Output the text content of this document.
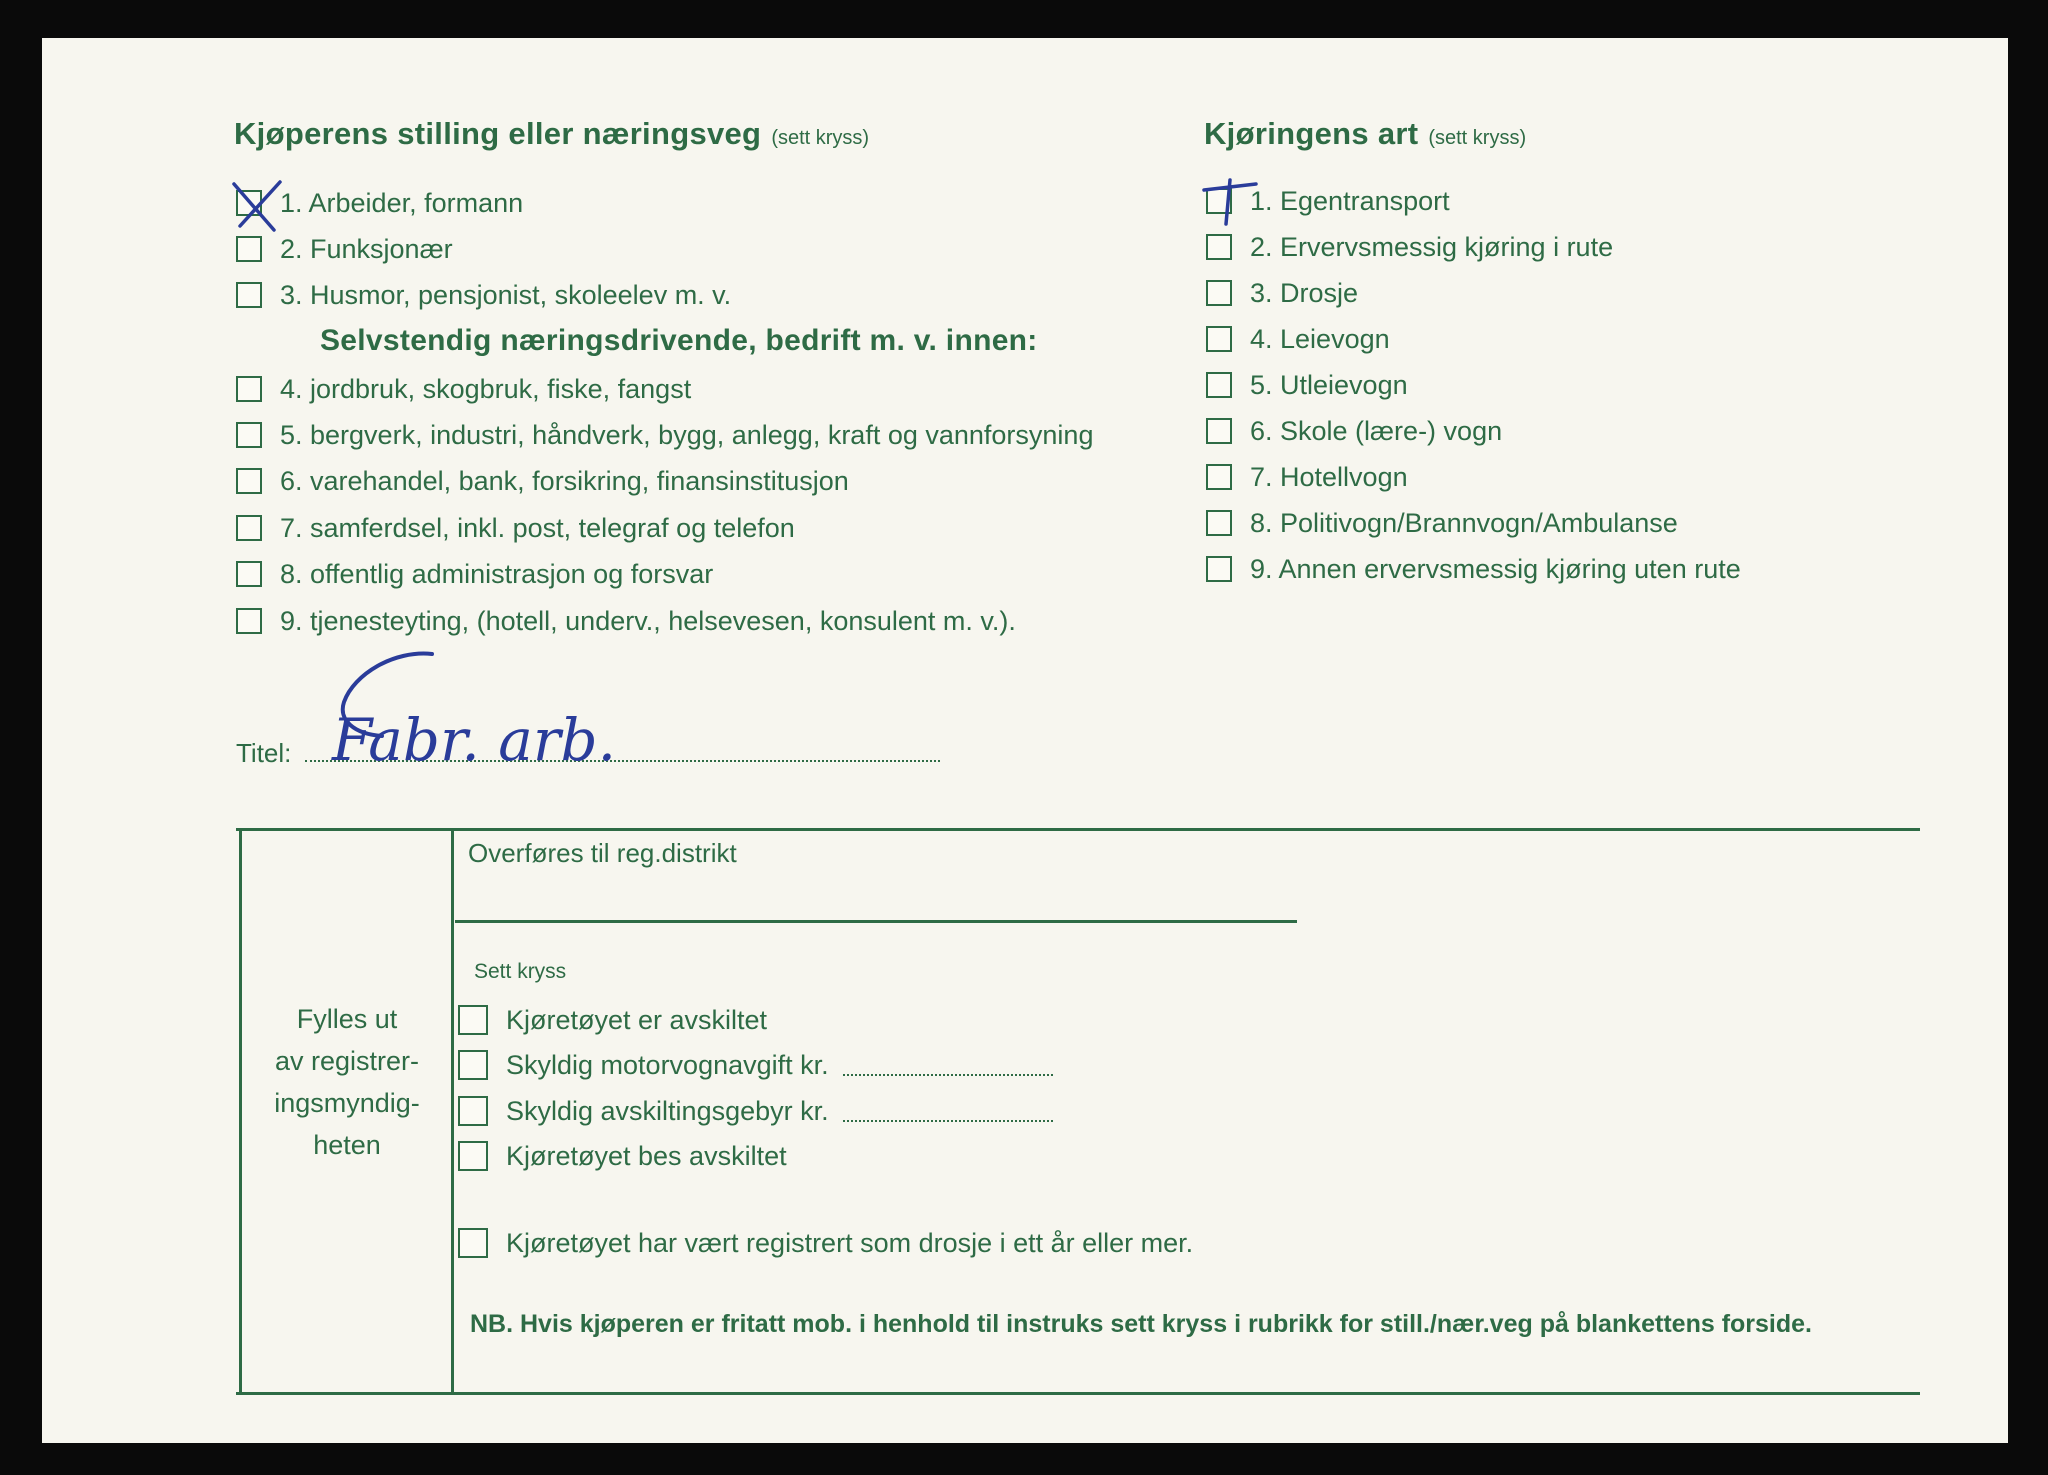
Kjøperens stilling eller næringsveg (sett kryss)
1. Arbeider, formann
2. Funksjonær
3. Husmor, pensjonist, skoleelev m. v.
Selvstendig næringsdrivende, bedrift m. v. innen:
4. jordbruk, skogbruk, fiske, fangst
5. bergverk, industri, håndverk, bygg, anlegg, kraft og vannforsyning
6. varehandel, bank, forsikring, finansinstitusjon
7. samferdsel, inkl. post, telegraf og telefon
8. offentlig administrasjon og forsvar
9. tjenesteyting, (hotell, underv., helsevesen, konsulent m. v.).
Titel: Fabr. arb.
Kjøringens art (sett kryss)
1. Egentransport
2. Ervervsmessig kjøring i rute
3. Drosje
4. Leievogn
5. Utleievogn
6. Skole (lære-) vogn
7. Hotellvogn
8. Politivogn/Brannvogn/Ambulanse
9. Annen ervervsmessig kjøring uten rute
Fylles ut
av registrer-
ingsmyndig-
heten
Overføres til reg.distrikt
Sett kryss
Kjøretøyet er avskiltet
Skyldig motorvognavgift kr.
Skyldig avskiltingsgebyr kr.
Kjøretøyet bes avskiltet
Kjøretøyet har vært registrert som drosje i ett år eller mer.
NB. Hvis kjøperen er fritatt mob. i henhold til instruks sett kryss i rubrikk for still./nær.veg på blankettens forside.
